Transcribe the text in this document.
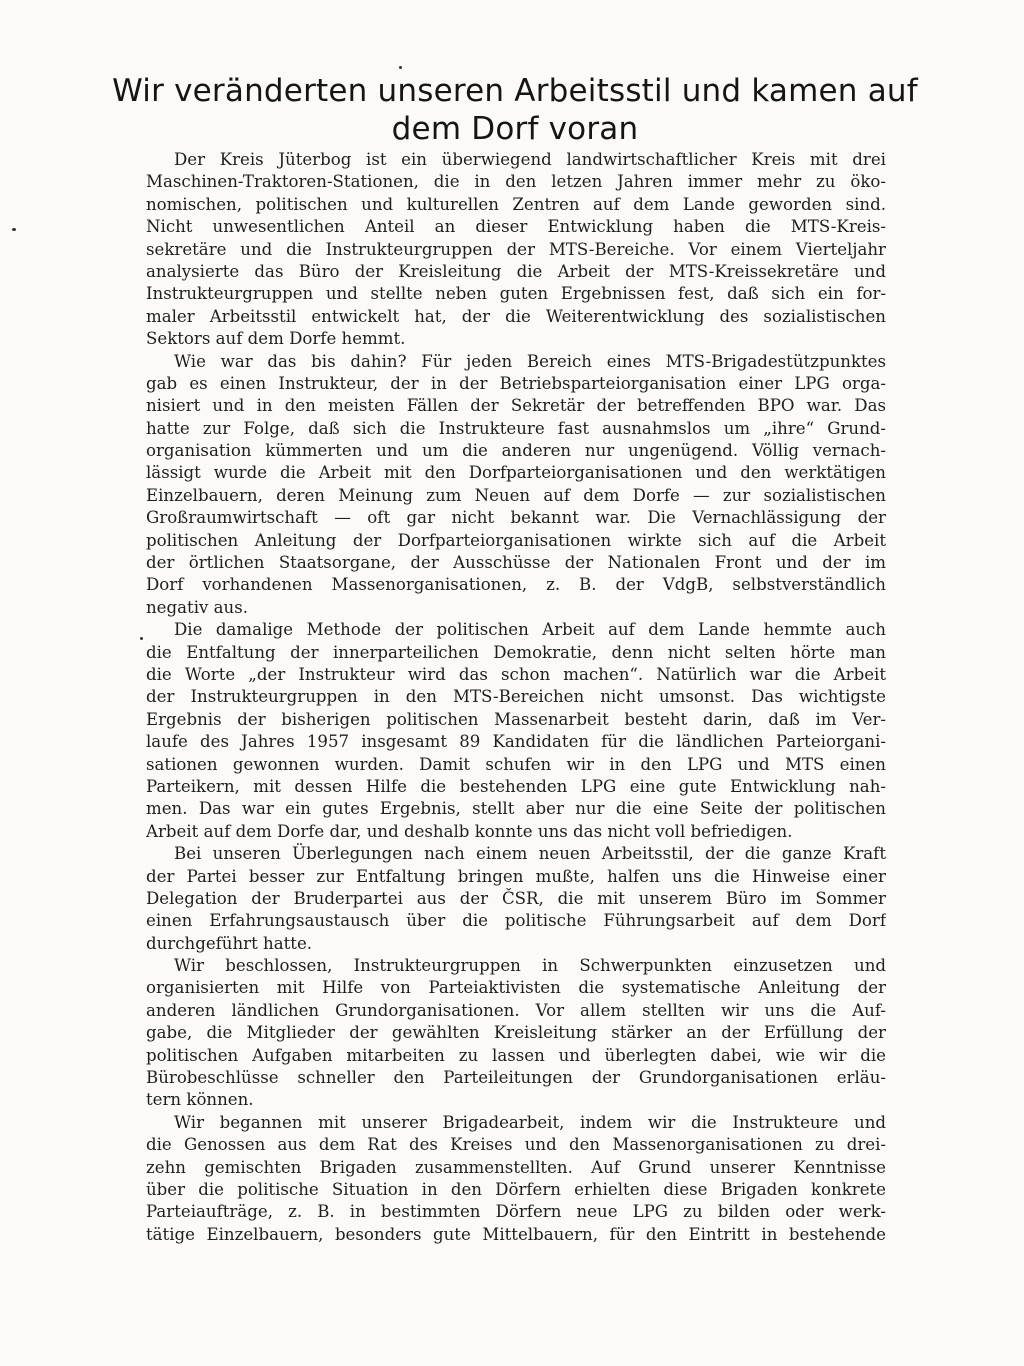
Wir veränderten unseren Arbeitsstil und kamen auf
dem Dorf voran
Der Kreis Jüterbog ist ein überwiegend landwirtschaftlicher Kreis mit drei
Maschinen-Traktoren-Stationen, die in den letzen Jahren immer mehr zu öko-
nomischen, politischen und kulturellen Zentren auf dem Lande geworden sind.
Nicht unwesentlichen Anteil an dieser Entwicklung haben die MTS-Kreis-
sekretäre und die Instrukteurgruppen der MTS-Bereiche. Vor einem Vierteljahr
analysierte das Büro der Kreisleitung die Arbeit der MTS-Kreissekretäre und
Instrukteurgruppen und stellte neben guten Ergebnissen fest, daß sich ein for-
maler Arbeitsstil entwickelt hat, der die Weiterentwicklung des sozialistischen
Sektors auf dem Dorfe hemmt.
Wie war das bis dahin? Für jeden Bereich eines MTS-Brigadestützpunktes
gab es einen Instrukteur, der in der Betriebsparteiorganisation einer LPG orga-
nisiert und in den meisten Fällen der Sekretär der betreffenden BPO war. Das
hatte zur Folge, daß sich die Instrukteure fast ausnahmslos um „ihre“ Grund-
organisation kümmerten und um die anderen nur ungenügend. Völlig vernach-
lässigt wurde die Arbeit mit den Dorfparteiorganisationen und den werktätigen
Einzelbauern, deren Meinung zum Neuen auf dem Dorfe — zur sozialistischen
Großraumwirtschaft — oft gar nicht bekannt war. Die Vernachlässigung der
politischen Anleitung der Dorfparteiorganisationen wirkte sich auf die Arbeit
der örtlichen Staatsorgane, der Ausschüsse der Nationalen Front und der im
Dorf vorhandenen Massenorganisationen, z. B. der VdgB, selbstverständlich
negativ aus.
Die damalige Methode der politischen Arbeit auf dem Lande hemmte auch
die Entfaltung der innerparteilichen Demokratie, denn nicht selten hörte man
die Worte „der Instrukteur wird das schon machen“. Natürlich war die Arbeit
der Instrukteurgruppen in den MTS-Bereichen nicht umsonst. Das wichtigste
Ergebnis der bisherigen politischen Massenarbeit besteht darin, daß im Ver-
laufe des Jahres 1957 insgesamt 89 Kandidaten für die ländlichen Parteiorgani-
sationen gewonnen wurden. Damit schufen wir in den LPG und MTS einen
Parteikern, mit dessen Hilfe die bestehenden LPG eine gute Entwicklung nah-
men. Das war ein gutes Ergebnis, stellt aber nur die eine Seite der politischen
Arbeit auf dem Dorfe dar, und deshalb konnte uns das nicht voll befriedigen.
Bei unseren Überlegungen nach einem neuen Arbeitsstil, der die ganze Kraft
der Partei besser zur Entfaltung bringen mußte, halfen uns die Hinweise einer
Delegation der Bruderpartei aus der ČSR, die mit unserem Büro im Sommer
einen Erfahrungsaustausch über die politische Führungsarbeit auf dem Dorf
durchgeführt hatte.
Wir beschlossen, Instrukteurgruppen in Schwerpunkten einzusetzen und
organisierten mit Hilfe von Parteiaktivisten die systematische Anleitung der
anderen ländlichen Grundorganisationen. Vor allem stellten wir uns die Auf-
gabe, die Mitglieder der gewählten Kreisleitung stärker an der Erfüllung der
politischen Aufgaben mitarbeiten zu lassen und überlegten dabei, wie wir die
Bürobeschlüsse schneller den Parteileitungen der Grundorganisationen erläu-
tern können.
Wir begannen mit unserer Brigadearbeit, indem wir die Instrukteure und
die Genossen aus dem Rat des Kreises und den Massenorganisationen zu drei-
zehn gemischten Brigaden zusammenstellten. Auf Grund unserer Kenntnisse
über die politische Situation in den Dörfern erhielten diese Brigaden konkrete
Parteiaufträge, z. B. in bestimmten Dörfern neue LPG zu bilden oder werk-
tätige Einzelbauern, besonders gute Mittelbauern, für den Eintritt in bestehende
